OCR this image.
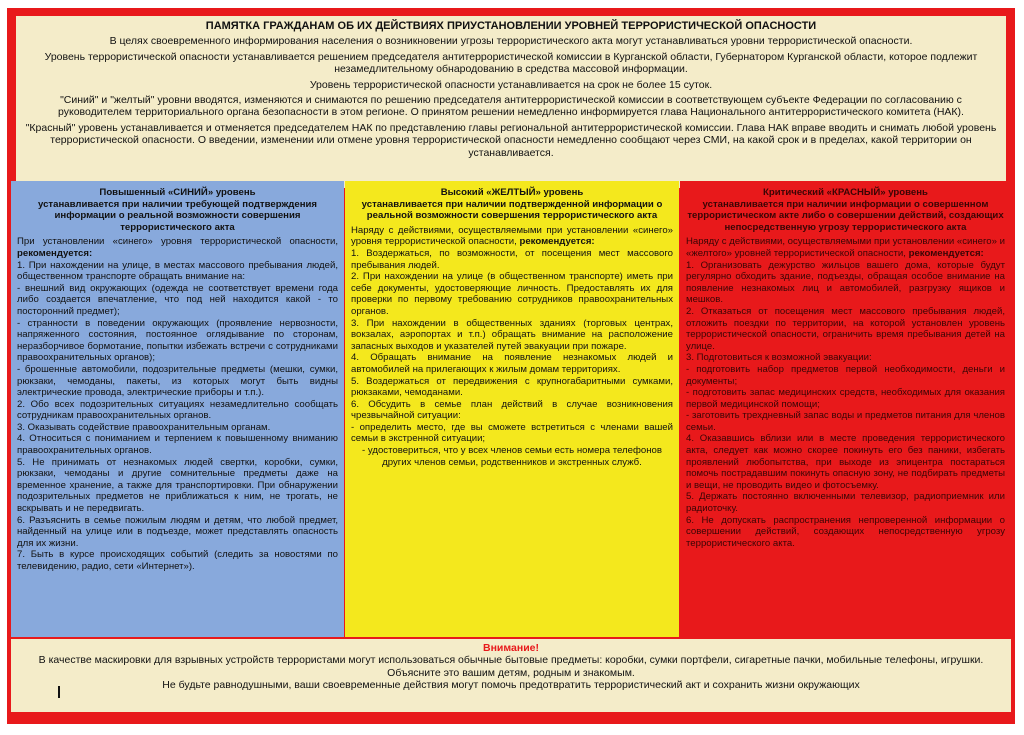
ПАМЯТКА ГРАЖДАНАМ ОБ ИХ ДЕЙСТВИЯХ ПРИУСТАНОВЛЕНИИ УРОВНЕЙ ТЕРРОРИСТИЧЕСКОЙ ОПАСНОСТИ

В целях своевременного информирования населения о возникновении угрозы террористического акта могут устанавливаться уровни террористической опасности.

Уровень террористической опасности устанавливается решением председателя антитеррористической комиссии в Курганской области, Губернатором Курганской области, которое подлежит незамедлительному обнародованию в средства массовой информации.

Уровень террористической опасности устанавливается на срок не более 15 суток.

"Синий" и "желтый" уровни вводятся, изменяются и снимаются по решению председателя антитеррористической комиссии в соответствующем субъекте Федерации по согласованию с руководителем территориального органа безопасности в этом регионе. О принятом решении немедленно информируется глава Национального антитеррористического комитета (НАК).

"Красный" уровень устанавливается и отменяется председателем НАК по представлению главы региональной антитеррористической комиссии. Глава НАК вправе вводить и снимать любой уровень террористической опасности. О введении, изменении или отмене уровня террористической опасности немедленно сообщают через СМИ, на какой срок и в пределах, какой территории он устанавливается.

Повышенный «СИНИЙ» уровень
устанавливается при наличии требующей подтверждения информации о реальной возможности совершения террористического акта

При установлении «синего» уровня террористической опасности, рекомендуется:

1. При нахождении на улице, в местах массового пребывания людей, общественном транспорте обращать внимание на:

- внешний вид окружающих (одежда не соответствует времени года либо создается впечатление, что под ней находится какой - то посторонний предмет);

- странности в поведении окружающих (проявление нервозности, напряженного состояния, постоянное оглядывание по сторонам, неразборчивое бормотание, попытки избежать встречи с сотрудниками правоохранительных органов);

- брошенные автомобили, подозрительные предметы (мешки, сумки, рюкзаки, чемоданы, пакеты, из которых могут быть видны электрические провода, электрические приборы и т.п.).

2. Обо всех подозрительных ситуациях незамедлительно сообщать сотрудникам правоохранительных органов.

3. Оказывать содействие правоохранительным органам.

4. Относиться с пониманием и терпением к повышенному вниманию правоохранительных органов.

5. Не принимать от незнакомых людей свертки, коробки, сумки, рюкзаки, чемоданы и другие сомнительные предметы даже на временное хранение, а также для транспортировки. При обнаружении подозрительных предметов не приближаться к ним, не трогать, не вскрывать и не передвигать.

6. Разъяснить в семье пожилым людям и детям, что любой предмет, найденный на улице или в подъезде, может представлять опасность для их жизни.

7. Быть в курсе происходящих событий (следить за новостями по телевидению, радио, сети «Интернет»).

Высокий «ЖЕЛТЫЙ» уровень
устанавливается при наличии подтвержденной информации о реальной возможности совершения террористического акта

Наряду с действиями, осуществляемыми при установлении «синего» уровня террористической опасности, рекомендуется:

1. Воздержаться, по возможности, от посещения мест массового пребывания людей.

2. При нахождении на улице (в общественном транспорте) иметь при себе документы, удостоверяющие личность. Предоставлять их для проверки по первому требованию сотрудников правоохранительных органов.

3. При нахождении в общественных зданиях (торговых центрах, вокзалах, аэропортах и т.п.) обращать внимание на расположение запасных выходов и указателей путей эвакуации при пожаре.

4. Обращать внимание на появление незнакомых людей и автомобилей на прилегающих к жилым домам территориях.

5. Воздержаться от передвижения с крупногабаритными сумками, рюкзаками, чемоданами.

6. Обсудить в семье план действий в случае возникновения чрезвычайной ситуации:

- определить место, где вы сможете встретиться с членами вашей семьи в экстренной ситуации;

- удостовериться, что у всех членов семьи есть номера телефонов других членов семьи, родственников и экстренных служб.

Критический «КРАСНЫЙ» уровень
устанавливается при наличии информации о совершенном террористическом акте либо о совершении действий, создающих непосредственную угрозу террористического акта

Наряду с действиями, осуществляемыми при установлении «синего» и «желтого» уровней террористической опасности, рекомендуется:

1. Организовать дежурство жильцов вашего дома, которые будут регулярно обходить здание, подъезды, обращая особое внимание на появление незнакомых лиц и автомобилей, разгрузку ящиков и мешков.

2. Отказаться от посещения мест массового пребывания людей, отложить поездки по территории, на которой установлен уровень террористической опасности, ограничить время пребывания детей на улице.

3. Подготовиться к возможной эвакуации:

- подготовить набор предметов первой необходимости, деньги и документы;

- подготовить запас медицинских средств, необходимых для оказания первой медицинской помощи;

- заготовить трехдневный запас воды и предметов питания для членов семьи.

4. Оказавшись вблизи или в месте проведения террористического акта, следует как можно скорее покинуть его без паники, избегать проявлений любопытства, при выходе из эпицентра постараться помочь пострадавшим покинуть опасную зону, не подбирать предметы и вещи, не проводить видео и фотосъемку.

5. Держать постоянно включенными телевизор, радиоприемник или радиоточку.

6. Не допускать распространения непроверенной информации о совершении действий, создающих непосредственную угрозу террористического акта.

Внимание!

В качестве маскировки для взрывных устройств террористами могут использоваться обычные бытовые предметы: коробки, сумки портфели, сигаретные пачки, мобильные телефоны, игрушки.

Объясните это вашим детям, родным и знакомым.

Не будьте равнодушными, ваши своевременные действия могут помочь предотвратить террористический акт и сохранить жизни окружающих
